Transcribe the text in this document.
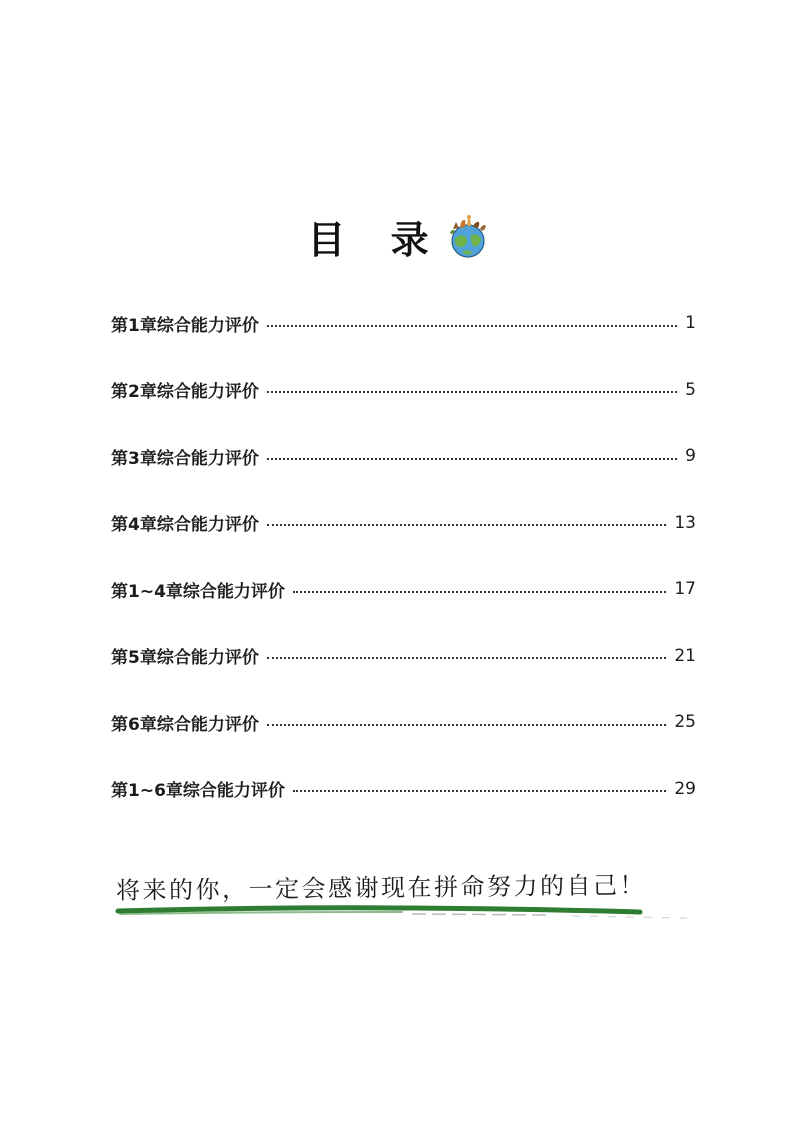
目 录
第1章综合能力评价	1
第2章综合能力评价	5
第3章综合能力评价	9
第4章综合能力评价	13
第1~4章综合能力评价	17
第5章综合能力评价	21
第6章综合能力评价	25
第1~6章综合能力评价	29
将来的你，一定会感谢现在拼命努力的自己！
